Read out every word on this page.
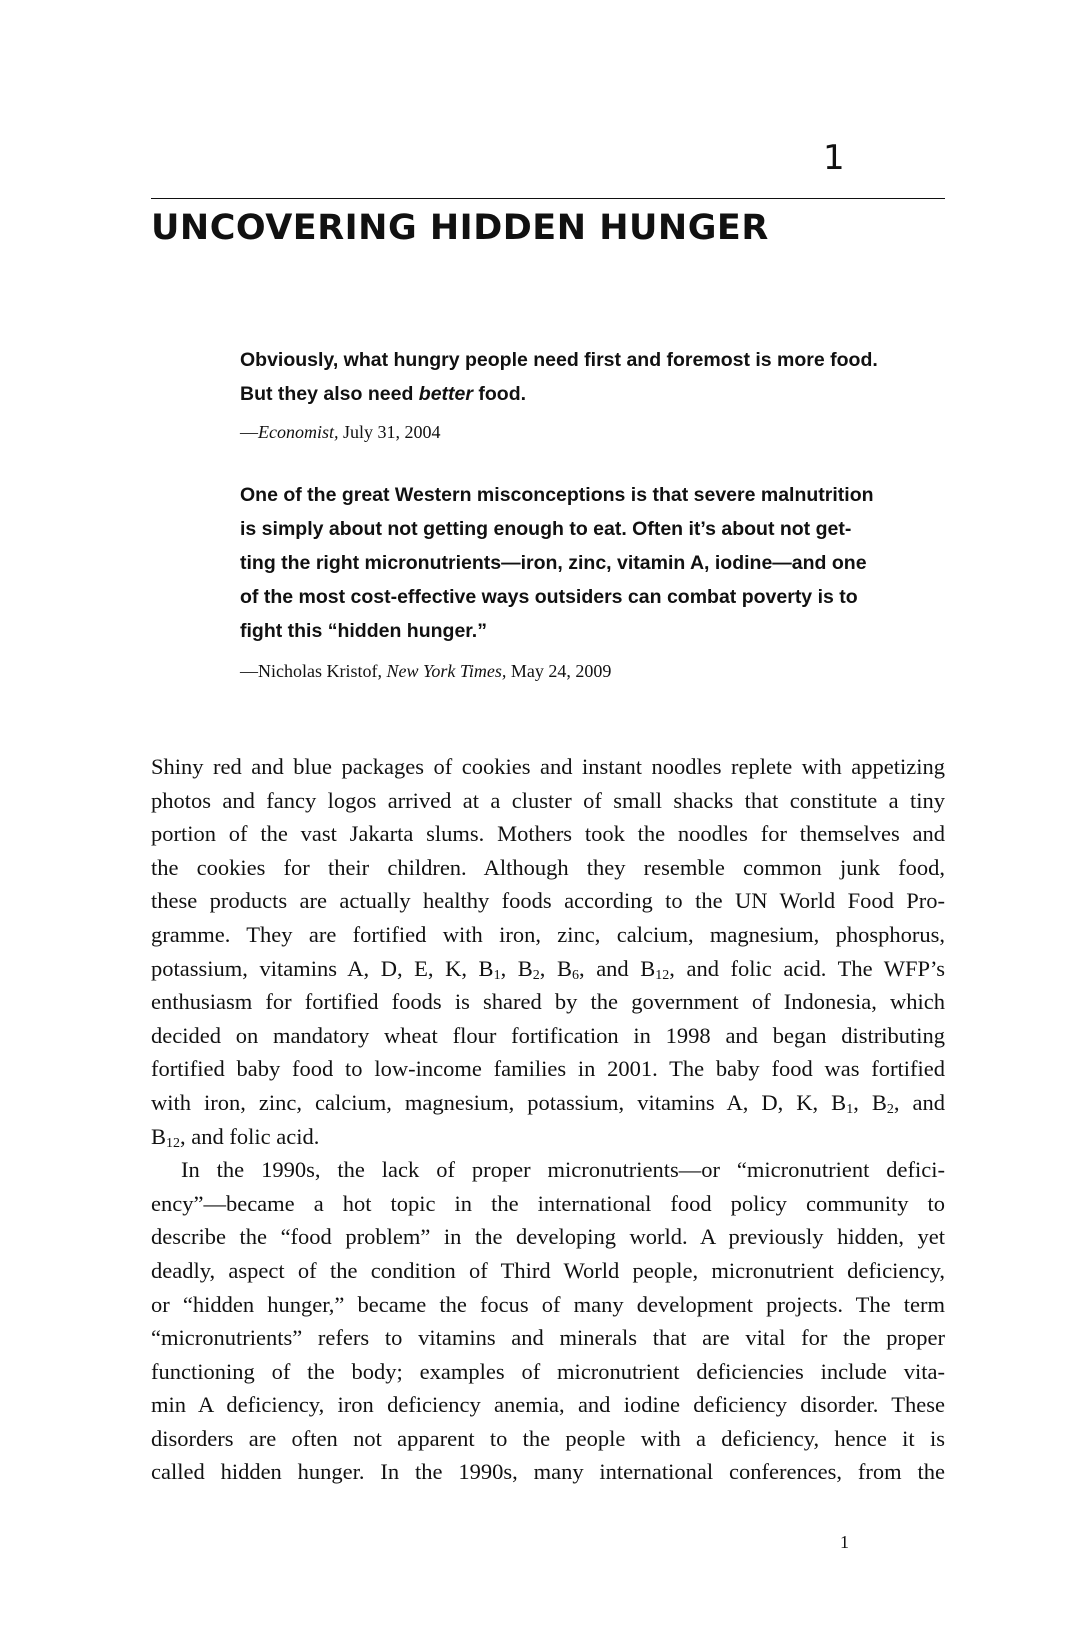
1
UNCOVERING HIDDEN HUNGER
Obviously, what hungry people need first and foremost is more food.
But they also need better food.
—Economist, July 31, 2004
One of the great Western misconceptions is that severe malnutrition
is simply about not getting enough to eat. Often it’s about not get-
ting the right micronutrients—iron, zinc, vitamin A, iodine—and one
of the most cost-effective ways outsiders can combat poverty is to
fight this “hidden hunger.”
—Nicholas Kristof, New York Times, May 24, 2009
Shiny red and blue packages of cookies and instant noodles replete with appetizing
photos and fancy logos arrived at a cluster of small shacks that constitute a tiny
portion of the vast Jakarta slums. Mothers took the noodles for themselves and
the cookies for their children. Although they resemble common junk food,
these products are actually healthy foods according to the UN World Food Pro-
gramme. They are fortified with iron, zinc, calcium, magnesium, phosphorus,
potassium, vitamins A, D, E, K, $B_1$, $B_2$, $B_6$, and $B_{12}$, and folic acid. The WFP’s
enthusiasm for fortified foods is shared by the government of Indonesia, which
decided on mandatory wheat flour fortification in 1998 and began distributing
fortified baby food to low-income families in 2001. The baby food was fortified
with iron, zinc, calcium, magnesium, potassium, vitamins A, D, K, $B_1$, $B_2$, and
$B_{12}$, and folic acid.
In the 1990s, the lack of proper micronutrients—or “micronutrient defici-
ency”—became a hot topic in the international food policy community to
describe the “food problem” in the developing world. A previously hidden, yet
deadly, aspect of the condition of Third World people, micronutrient deficiency,
or “hidden hunger,” became the focus of many development projects. The term
“micronutrients” refers to vitamins and minerals that are vital for the proper
functioning of the body; examples of micronutrient deficiencies include vita-
min A deficiency, iron deficiency anemia, and iodine deficiency disorder. These
disorders are often not apparent to the people with a deficiency, hence it is
called hidden hunger. In the 1990s, many international conferences, from the
1
